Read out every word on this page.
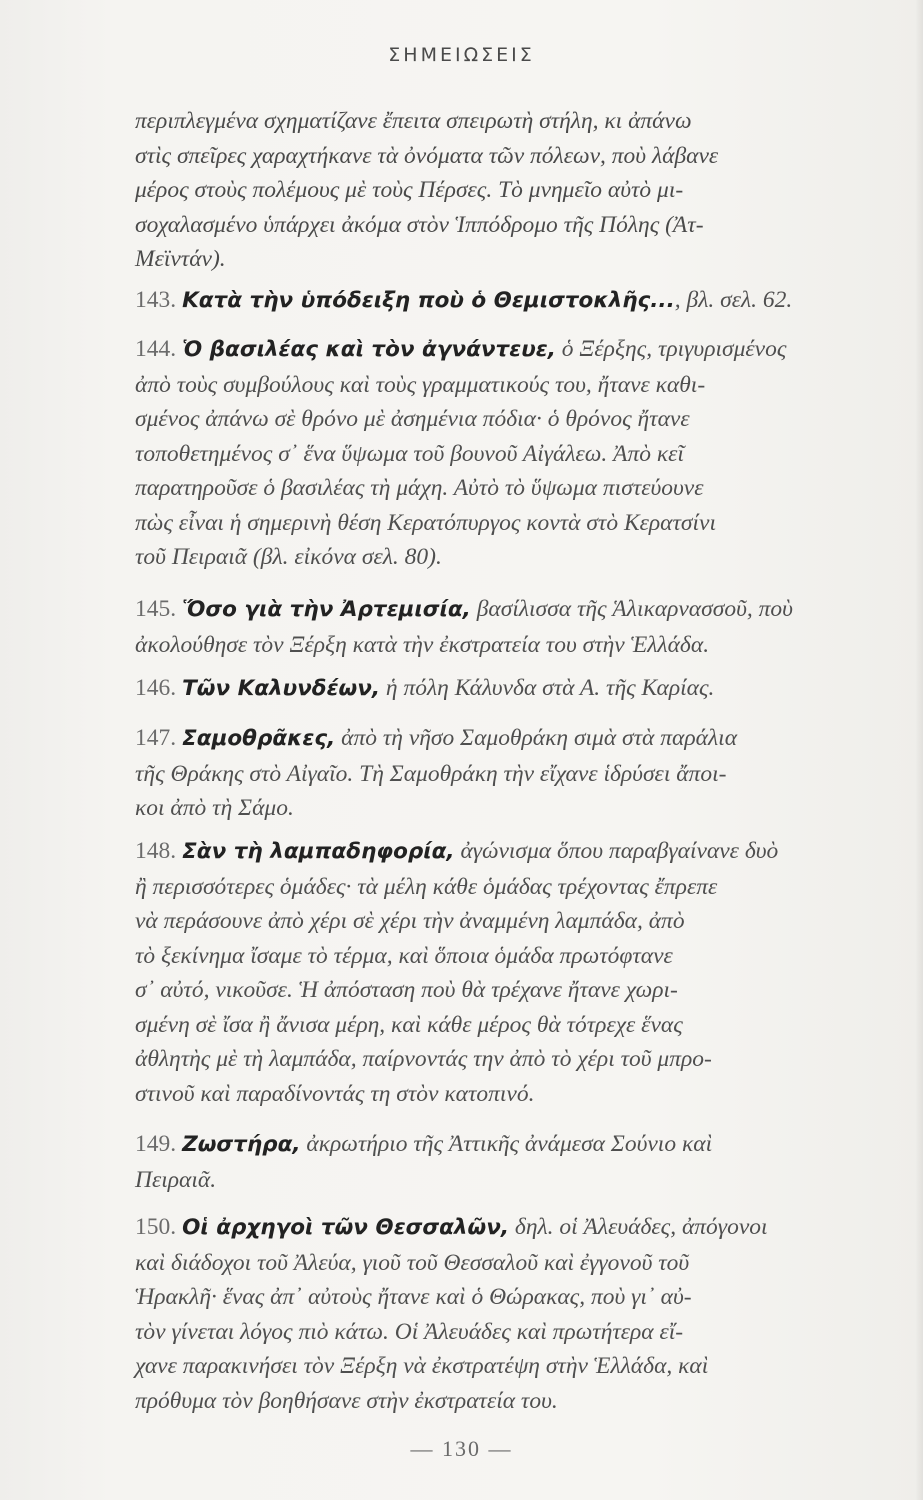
ΣΗΜΕΙΩΣΕΙΣ
περιπλεγμένα σχηματίζανε ἔπειτα σπειρωτὴ στήλη, κι ἀπάνω
στὶς σπεῖρες χαραχτήκανε τὰ ὀνόματα τῶν πόλεων, ποὺ λάβανε
μέρος στοὺς πολέμους μὲ τοὺς Πέρσες. Τὸ μνημεῖο αὐτὸ μι-
σοχαλασμένο ὑπάρχει ἀκόμα στὸν Ἱππόδρομο τῆς Πόλης (Ἀτ-
Μεϊντάν).
143. Κατὰ τὴν ὑπόδειξη ποὺ ὁ Θεμιστοκλῆς..., βλ. σελ. 62.
144. Ὁ βασιλέας καὶ τὸν ἀγνάντευε, ὁ Ξέρξης, τριγυρισμένος
ἀπὸ τοὺς συμβούλους καὶ τοὺς γραμματικούς του, ἤτανε καθι-
σμένος ἀπάνω σὲ θρόνο μὲ ἀσημένια πόδια· ὁ θρόνος ἤτανε
τοποθετημένος σ᾿ ἕνα ὕψωμα τοῦ βουνοῦ Αἰγάλεω. Ἀπὸ κεῖ
παρατηροῦσε ὁ βασιλέας τὴ μάχη. Αὐτὸ τὸ ὕψωμα πιστεύουνε
πὼς εἶναι ἡ σημερινὴ θέση Κερατόπυργος κοντὰ στὸ Κερατσίνι
τοῦ Πειραιᾶ (βλ. εἰκόνα σελ. 80).
145. Ὅσο γιὰ τὴν Ἀρτεμισία, βασίλισσα τῆς Ἁλικαρνασσοῦ, ποὺ
ἀκολούθησε τὸν Ξέρξη κατὰ τὴν ἐκστρατεία του στὴν Ἑλλάδα.
146. Τῶν Καλυνδέων, ἡ πόλη Κάλυνδα στὰ Α. τῆς Καρίας.
147. Σαμοθρᾶκες, ἀπὸ τὴ νῆσο Σαμοθράκη σιμὰ στὰ παράλια
τῆς Θράκης στὸ Αἰγαῖο. Τὴ Σαμοθράκη τὴν εἴχανε ἱδρύσει ἄποι-
κοι ἀπὸ τὴ Σάμο.
148. Σὰν τὴ λαμπαδηφορία, ἀγώνισμα ὅπου παραβγαίνανε δυὸ
ἢ περισσότερες ὁμάδες· τὰ μέλη κάθε ὁμάδας τρέχοντας ἔπρεπε
νὰ περάσουνε ἀπὸ χέρι σὲ χέρι τὴν ἀναμμένη λαμπάδα, ἀπὸ
τὸ ξεκίνημα ἴσαμε τὸ τέρμα, καὶ ὅποια ὁμάδα πρωτόφτανε
σ᾿ αὐτό, νικοῦσε. Ἡ ἀπόσταση ποὺ θὰ τρέχανε ἤτανε χωρι-
σμένη σὲ ἴσα ἢ ἄνισα μέρη, καὶ κάθε μέρος θὰ τότρεχε ἕνας
ἀθλητὴς μὲ τὴ λαμπάδα, παίρνοντάς την ἀπὸ τὸ χέρι τοῦ μπρο-
στινοῦ καὶ παραδίνοντάς τη στὸν κατοπινό.
149. Ζωστήρα, ἀκρωτήριο τῆς Ἀττικῆς ἀνάμεσα Σούνιο καὶ
Πειραιᾶ.
150. Οἱ ἀρχηγοὶ τῶν Θεσσαλῶν, δηλ. οἱ Ἀλευάδες, ἀπόγονοι
καὶ διάδοχοι τοῦ Ἀλεύα, γιοῦ τοῦ Θεσσαλοῦ καὶ ἐγγονοῦ τοῦ
Ἡρακλῆ· ἕνας ἀπ᾿ αὐτοὺς ἤτανε καὶ ὁ Θώρακας, ποὺ γι᾿ αὐ-
τὸν γίνεται λόγος πιὸ κάτω. Οἱ Ἀλευάδες καὶ πρωτήτερα εἴ-
χανε παρακινήσει τὸν Ξέρξη νὰ ἐκστρατέψη στὴν Ἑλλάδα, καὶ
πρόθυμα τὸν βοηθήσανε στὴν ἐκστρατεία του.
— 130 —
